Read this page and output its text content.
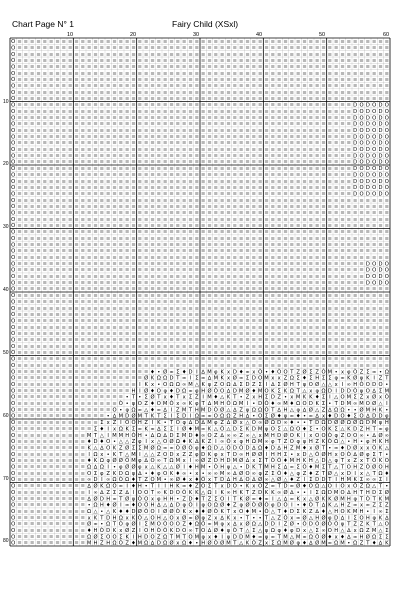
Chart Page N° 1	Fairy Child (XSxl)
10	20	30	40	50	60
10
20
30
40
50
60
70
80
O ≡ ≡ ≡ ≡ ≡ ≡ ≡ ≡ ≡ ≡ ≡ ≡ ≡ ≡ ≡ ≡ ≡ ≡ ≡ ≡ ≡ ≡ ≡ ≡ ≡ ≡ ≡ ≡ ≡ ≡ ≡ ≡ ≡ ≡ ≡ ≡ ≡ ≡ ≡ ≡ ≡ ≡ ≡ ≡ ≡ ≡ ≡ ≡ ≡ ≡ ≡ ≡ ≡ ≡ ≡ ≡ ≡ ≡ ≡
O ≡ ≡ ≡ ≡ ≡ ≡ ≡ ≡ ≡ ≡ ≡ ≡ ≡ ≡ ≡ ≡ ≡ ≡ ≡ ≡ ≡ ≡ ≡ ≡ ≡ ≡ ≡ ≡ ≡ ≡ ≡ ≡ ≡ ≡ ≡ ≡ ≡ ≡ ≡ ≡ ≡ ≡ ≡ ≡ ≡ ≡ ≡ ≡ ≡ ≡ ≡ ≡ ≡ ≡ ≡ ≡ ≡ ≡ ≡
O ≡ ≡ ≡ ≡ ≡ ≡ ≡ ≡ ≡ ≡ ≡ ≡ ≡ ≡ ≡ ≡ ≡ ≡ ≡ ≡ ≡ ≡ ≡ ≡ ≡ ≡ ≡ ≡ ≡ ≡ ≡ ≡ ≡ ≡ ≡ ≡ ≡ ≡ ≡ ≡ ≡ ≡ ≡ ≡ ≡ ≡ ≡ ≡ ≡ ≡ ≡ ≡ ≡ ≡ ≡ ≡ ≡ ≡ ≡
O ≡ ≡ ≡ ≡ ≡ ≡ ≡ ≡ ≡ ≡ ≡ ≡ ≡ ≡ ≡ ≡ ≡ ≡ ≡ ≡ ≡ ≡ ≡ ≡ ≡ ≡ ≡ ≡ ≡ ≡ ≡ ≡ ≡ ≡ ≡ ≡ ≡ ≡ ≡ ≡ ≡ ≡ ≡ ≡ ≡ ≡ ≡ ≡ ≡ ≡ ≡ ≡ ≡ ≡ ≡ ≡ ≡ ≡ ≡
O ≡ ≡ ≡ ≡ ≡ ≡ ≡ ≡ ≡ ≡ ≡ ≡ ≡ ≡ ≡ ≡ ≡ ≡ ≡ ≡ ≡ ≡ ≡ ≡ ≡ ≡ ≡ ≡ ≡ ≡ ≡ ≡ ≡ ≡ ≡ ≡ ≡ ≡ ≡ ≡ ≡ ≡ ≡ ≡ ≡ ≡ ≡ ≡ ≡ ≡ ≡ ≡ ≡ ≡ ≡ ≡ ≡ ≡ ≡
O ≡ ≡ ≡ ≡ ≡ ≡ ≡ ≡ ≡ ≡ ≡ ≡ ≡ ≡ ≡ ≡ ≡ ≡ ≡ ≡ ≡ ≡ ≡ ≡ ≡ ≡ ≡ ≡ ≡ ≡ ≡ ≡ ≡ ≡ ≡ ≡ ≡ ≡ ≡ ≡ ≡ ≡ ≡ ≡ ≡ ≡ ≡ ≡ ≡ ≡ ≡ ≡ ≡ ≡ ≡ ≡ ≡ ≡ ≡
O ≡ ≡ ≡ ≡ ≡ ≡ ≡ ≡ ≡ ≡ ≡ ≡ ≡ ≡ ≡ ≡ ≡ ≡ ≡ ≡ ≡ ≡ ≡ ≡ ≡ ≡ ≡ ≡ ≡ ≡ ≡ ≡ ≡ ≡ ≡ ≡ ≡ ≡ ≡ ≡ ≡ ≡ ≡ ≡ ≡ ≡ ≡ ≡ ≡ ≡ ≡ ≡ ≡ ≡ ≡ ≡ ≡ ≡ ≡
O ≡ ≡ ≡ ≡ ≡ ≡ ≡ ≡ ≡ ≡ ≡ ≡ ≡ ≡ ≡ ≡ ≡ ≡ ≡ ≡ ≡ ≡ ≡ ≡ ≡ ≡ ≡ ≡ ≡ ≡ ≡ ≡ ≡ ≡ ≡ ≡ ≡ ≡ ≡ ≡ ≡ ≡ ≡ ≡ ≡ ≡ ≡ ≡ ≡ ≡ ≡ ≡ ≡ ≡ ≡ ≡ ≡ ≡ ≡
O ≡ ≡ ≡ ≡ ≡ ≡ ≡ ≡ ≡ ≡ ≡ ≡ ≡ ≡ ≡ ≡ ≡ ≡ ≡ ≡ ≡ ≡ ≡ ≡ ≡ ≡ ≡ ≡ ≡ ≡ ≡ ≡ ≡ ≡ ≡ ≡ ≡ ≡ ≡ ≡ ≡ ≡ ≡ ≡ ≡ ≡ ≡ ≡ ≡ ≡ ≡ ≡ ≡ ≡ ≡ ≡ ≡ ≡ ≡
O ≡ ≡ ≡ ≡ ≡ ≡ ≡ ≡ ≡ ≡ ≡ ≡ ≡ ≡ ≡ ≡ ≡ ≡ ≡ ≡ ≡ ≡ ≡ ≡ ≡ ≡ ≡ ≡ ≡ ≡ ≡ ≡ ≡ ≡ ≡ ≡ ≡ ≡ ≡ ≡ ≡ ≡ ≡ ≡ ≡ ≡ ≡ ≡ ≡ ≡ ≡ ≡ ≡ ≡ ≡ ≡ ≡ ≡ ≡
O ≡ ≡ ≡ ≡ ≡ ≡ ≡ ≡ ≡ ≡ ≡ ≡ ≡ ≡ ≡ ≡ ≡ ≡ ≡ ≡ ≡ ≡ ≡ ≡ ≡ ≡ ≡ ≡ ≡ ≡ ≡ ≡ ≡ ≡ ≡ ≡ ≡ ≡ ≡ ≡ ≡ ≡ ≡ ≡ ≡ ≡ ≡ ≡ ≡ ≡ ≡ ≡ ≡ D O D O D O
O ≡ ≡ ≡ ≡ ≡ ≡ ≡ ≡ ≡ ≡ ≡ ≡ ≡ ≡ ≡ ≡ ≡ ≡ ≡ ≡ ≡ ≡ ≡ ≡ ≡ ≡ ≡ ≡ ≡ ≡ ≡ ≡ ≡ ≡ ≡ ≡ ≡ ≡ ≡ ≡ ≡ ≡ ≡ ≡ ≡ ≡ ≡ ≡ ≡ ≡ ≡ ≡ ≡ D O D O D O
O ≡ ≡ ≡ ≡ ≡ ≡ ≡ ≡ ≡ ≡ ≡ ≡ ≡ ≡ ≡ ≡ ≡ ≡ ≡ ≡ ≡ ≡ ≡ ≡ ≡ ≡ ≡ ≡ ≡ ≡ ≡ ≡ ≡ ≡ ≡ ≡ ≡ ≡ ≡ ≡ ≡ ≡ ≡ ≡ ≡ ≡ ≡ ≡ ≡ ≡ ≡ ≡ ≡ D O D O D O
O ≡ ≡ ≡ ≡ ≡ ≡ ≡ ≡ ≡ ≡ ≡ ≡ ≡ ≡ ≡ ≡ ≡ ≡ ≡ ≡ ≡ ≡ ≡ ≡ ≡ ≡ ≡ ≡ ≡ ≡ ≡ ≡ ≡ ≡ ≡ ≡ ≡ ≡ ≡ ≡ ≡ ≡ ≡ ≡ ≡ ≡ ≡ ≡ ≡ ≡ ≡ ≡ ≡ D O D O D O
O ≡ ≡ ≡ ≡ ≡ ≡ ≡ ≡ ≡ ≡ ≡ ≡ ≡ ≡ ≡ ≡ ≡ ≡ ≡ ≡ ≡ ≡ ≡ ≡ ≡ ≡ ≡ ≡ ≡ ≡ ≡ ≡ ≡ ≡ ≡ ≡ ≡ ≡ ≡ ≡ ≡ ≡ ≡ ≡ ≡ ≡ ≡ ≡ ≡ ≡ ≡ ≡ ≡ D O D O D O
O ≡ ≡ ≡ ≡ ≡ ≡ ≡ ≡ ≡ ≡ ≡ ≡ ≡ ≡ ≡ ≡ ≡ ≡ ≡ ≡ ≡ ≡ ≡ ≡ ≡ ≡ ≡ ≡ ≡ ≡ ≡ ≡ ≡ ≡ ≡ ≡ ≡ ≡ ≡ ≡ ≡ ≡ ≡ ≡ ≡ ≡ ≡ ≡ ≡ ≡ ≡ ≡ ≡ D O D O D O
O ≡ ≡ ≡ ≡ ≡ ≡ ≡ ≡ ≡ ≡ ≡ ≡ ≡ ≡ ≡ ≡ ≡ ≡ ≡ ≡ ≡ ≡ ≡ ≡ ≡ ≡ ≡ ≡ ≡ ≡ ≡ ≡ ≡ ≡ ≡ ≡ ≡ ≡ ≡ ≡ ≡ ≡ ≡ ≡ ≡ ≡ ≡ ≡ ≡ ≡ ≡ ≡ ≡ D O D O D O
O ≡ ≡ ≡ ≡ ≡ ≡ ≡ ≡ ≡ ≡ ≡ ≡ ≡ ≡ ≡ ≡ ≡ ≡ ≡ ≡ ≡ ≡ ≡ ≡ ≡ ≡ ≡ ≡ ≡ ≡ ≡ ≡ ≡ ≡ ≡ ≡ ≡ ≡ ≡ ≡ ≡ ≡ ≡ ≡ ≡ ≡ ≡ ≡ ≡ ≡ ≡ ≡ ≡ D O D O D O
O ≡ ≡ ≡ ≡ ≡ ≡ ≡ ≡ ≡ ≡ ≡ ≡ ≡ ≡ ≡ ≡ ≡ ≡ ≡ ≡ ≡ ≡ ≡ ≡ ≡ ≡ ≡ ≡ ≡ ≡ ≡ ≡ ≡ ≡ ≡ ≡ ≡ ≡ ≡ ≡ ≡ ≡ ≡ ≡ ≡ ≡ ≡ ≡ ≡ ≡ ≡ ≡ ≡ D O D O D O
O ≡ ≡ ≡ ≡ ≡ ≡ ≡ ≡ ≡ ≡ ≡ ≡ ≡ ≡ ≡ ≡ ≡ ≡ ≡ ≡ ≡ ≡ ≡ ≡ ≡ ≡ ≡ ≡ ≡ ≡ ≡ ≡ ≡ ≡ ≡ ≡ ≡ ≡ ≡ ≡ ≡ ≡ ≡ ≡ ≡ ≡ ≡ ≡ ≡ ≡ ≡ ≡ ≡ D O D O D O
O ≡ ≡ ≡ ≡ ≡ ≡ ≡ ≡ ≡ ≡ ≡ ≡ ≡ ≡ ≡ ≡ ≡ ≡ ≡ ≡ ≡ ≡ ≡ ≡ ≡ ≡ ≡ ≡ ≡ ≡ ≡ ≡ ≡ ≡ ≡ ≡ ≡ ≡ ≡ ≡ ≡ ≡ ≡ ≡ ≡ ≡ ≡ ≡ ≡ ≡ ≡ ≡ ≡ D O D O D O
O ≡ ≡ ≡ ≡ ≡ ≡ ≡ ≡ ≡ ≡ ≡ ≡ ≡ ≡ ≡ ≡ ≡ ≡ ≡ ≡ ≡ ≡ ≡ ≡ ≡ ≡ ≡ ≡ ≡ ≡ ≡ ≡ ≡ ≡ ≡ ≡ ≡ ≡ ≡ ≡ ≡ ≡ ≡ ≡ ≡ ≡ ≡ ≡ ≡ ≡ ≡ ≡ ≡ D O D O D O
O ≡ ≡ ≡ ≡ ≡ ≡ ≡ ≡ ≡ ≡ ≡ ≡ ≡ ≡ ≡ ≡ ≡ ≡ ≡ ≡ ≡ ≡ ≡ ≡ ≡ ≡ ≡ ≡ ≡ ≡ ≡ ≡ ≡ ≡ ≡ ≡ ≡ ≡ ≡ ≡ ≡ ≡ ≡ ≡ ≡ ≡ ≡ ≡ ≡ ≡ ≡ ≡ ≡ D O D O D O
O ≡ ≡ ≡ ≡ ≡ ≡ ≡ ≡ ≡ ≡ ≡ ≡ ≡ ≡ ≡ ≡ ≡ ≡ ≡ ≡ ≡ ≡ ≡ ≡ ≡ ≡ ≡ ≡ ≡ ≡ ≡ ≡ ≡ ≡ ≡ ≡ ≡ ≡ ≡ ≡ ≡ ≡ ≡ ≡ ≡ ≡ ≡ ≡ ≡ ≡ ≡ ≡ ≡ D O D O D O
O ≡ ≡ ≡ ≡ ≡ ≡ ≡ ≡ ≡ ≡ ≡ ≡ ≡ ≡ ≡ ≡ ≡ ≡ ≡ ≡ ≡ ≡ ≡ ≡ ≡ ≡ ≡ ≡ ≡ ≡ ≡ ≡ ≡ ≡ ≡ ≡ ≡ ≡ ≡ ≡ ≡ ≡ ≡ ≡ ≡ ≡ ≡ ≡ ≡ ≡ ≡ ≡ ≡ D O D O D O
O ≡ ≡ ≡ ≡ ≡ ≡ ≡ ≡ ≡ ≡ ≡ ≡ ≡ ≡ ≡ ≡ ≡ ≡ ≡ ≡ ≡ ≡ ≡ ≡ ≡ ≡ ≡ ≡ ≡ ≡ ≡ ≡ ≡ ≡ ≡ ≡ ≡ ≡ ≡ ≡ ≡ ≡ ≡ ≡ ≡ ≡ ≡ ≡ ≡ ≡ ≡ ≡ ≡ ≡ ≡ ≡ ≡ ≡ ≡
O ≡ ≡ ≡ ≡ ≡ ≡ ≡ ≡ ≡ ≡ ≡ ≡ ≡ ≡ ≡ ≡ ≡ ≡ ≡ ≡ ≡ ≡ ≡ ≡ ≡ ≡ ≡ ≡ ≡ ≡ ≡ ≡ ≡ ≡ ≡ ≡ ≡ ≡ ≡ ≡ ≡ ≡ ≡ ≡ ≡ ≡ ≡ ≡ ≡ ≡ ≡ ≡ ≡ ≡ ≡ ≡ ≡ ≡ ≡
O ≡ ≡ ≡ ≡ ≡ ≡ ≡ ≡ ≡ ≡ ≡ ≡ ≡ ≡ ≡ ≡ ≡ ≡ ≡ ≡ ≡ ≡ ≡ ≡ ≡ ≡ ≡ ≡ ≡ ≡ ≡ ≡ ≡ ≡ ≡ ≡ ≡ ≡ ≡ ≡ ≡ ≡ ≡ ≡ ≡ ≡ ≡ ≡ ≡ ≡ ≡ ≡ ≡ ≡ ≡ ≡ ≡ ≡ ≡
O ≡ ≡ ≡ ≡ ≡ ≡ ≡ ≡ ≡ ≡ ≡ ≡ ≡ ≡ ≡ ≡ ≡ ≡ ≡ ≡ ≡ ≡ ≡ ≡ ≡ ≡ ≡ ≡ ≡ ≡ ≡ ≡ ≡ ≡ ≡ ≡ ≡ ≡ ≡ ≡ ≡ ≡ ≡ ≡ ≡ ≡ ≡ ≡ ≡ ≡ ≡ ≡ ≡ ≡ ≡ ≡ ≡ ≡ ≡
O ≡ ≡ ≡ ≡ ≡ ≡ ≡ ≡ ≡ ≡ ≡ ≡ ≡ ≡ ≡ ≡ ≡ ≡ ≡ ≡ ≡ ≡ ≡ ≡ ≡ ≡ ≡ ≡ ≡ ≡ ≡ ≡ ≡ ≡ ≡ ≡ ≡ ≡ ≡ ≡ ≡ ≡ ≡ ≡ ≡ ≡ ≡ ≡ ≡ ≡ ≡ ≡ ≡ ≡ ≡ ≡ ≡ ≡ ≡
O ≡ ≡ ≡ ≡ ≡ ≡ ≡ ≡ ≡ ≡ ≡ ≡ ≡ ≡ ≡ ≡ ≡ ≡ ≡ ≡ ≡ ≡ ≡ ≡ ≡ ≡ ≡ ≡ ≡ ≡ ≡ ≡ ≡ ≡ ≡ ≡ ≡ ≡ ≡ ≡ ≡ ≡ ≡ ≡ ≡ ≡ ≡ ≡ ≡ ≡ ≡ ≡ ≡ ≡ ≡ ≡ ≡ ≡ ≡
O ≡ ≡ ≡ ≡ ≡ ≡ ≡ ≡ ≡ ≡ ≡ ≡ ≡ ≡ ≡ ≡ ≡ ≡ ≡ ≡ ≡ ≡ ≡ ≡ ≡ ≡ ≡ ≡ ≡ ≡ ≡ ≡ ≡ ≡ ≡ ≡ ≡ ≡ ≡ ≡ ≡ ≡ ≡ ≡ ≡ ≡ ≡ ≡ ≡ ≡ ≡ ≡ ≡ ≡ ≡ ≡ ≡ ≡ ≡
O ≡ ≡ ≡ ≡ ≡ ≡ ≡ ≡ ≡ ≡ ≡ ≡ ≡ ≡ ≡ ≡ ≡ ≡ ≡ ≡ ≡ ≡ ≡ ≡ ≡ ≡ ≡ ≡ ≡ ≡ ≡ ≡ ≡ ≡ ≡ ≡ ≡ ≡ ≡ ≡ ≡ ≡ ≡ ≡ ≡ ≡ ≡ ≡ ≡ ≡ ≡ ≡ ≡ ≡ ≡ ≡ ≡ ≡ ≡
O ≡ ≡ ≡ ≡ ≡ ≡ ≡ ≡ ≡ ≡ ≡ ≡ ≡ ≡ ≡ ≡ ≡ ≡ ≡ ≡ ≡ ≡ ≡ ≡ ≡ ≡ ≡ ≡ ≡ ≡ ≡ ≡ ≡ ≡ ≡ ≡ ≡ ≡ ≡ ≡ ≡ ≡ ≡ ≡ ≡ ≡ ≡ ≡ ≡ ≡ ≡ ≡ ≡ ≡ ≡ ≡ ≡ ≡ ≡
O ≡ ≡ ≡ ≡ ≡ ≡ ≡ ≡ ≡ ≡ ≡ ≡ ≡ ≡ ≡ ≡ ≡ ≡ ≡ ≡ ≡ ≡ ≡ ≡ ≡ ≡ ≡ ≡ ≡ ≡ ≡ ≡ ≡ ≡ ≡ ≡ ≡ ≡ ≡ ≡ ≡ ≡ ≡ ≡ ≡ ≡ ≡ ≡ ≡ ≡ ≡ ≡ ≡ ≡ ≡ ≡ ≡ ≡ ≡
O ≡ ≡ ≡ ≡ ≡ ≡ ≡ ≡ ≡ ≡ ≡ ≡ ≡ ≡ ≡ ≡ ≡ ≡ ≡ ≡ ≡ ≡ ≡ ≡ ≡ ≡ ≡ ≡ ≡ ≡ ≡ ≡ ≡ ≡ ≡ ≡ ≡ ≡ ≡ ≡ ≡ ≡ ≡ ≡ ≡ ≡ ≡ ≡ ≡ ≡ ≡ ≡ ≡ ≡ ≡ D O D O
O ≡ ≡ ≡ ≡ ≡ ≡ ≡ ≡ ≡ ≡ ≡ ≡ ≡ ≡ ≡ ≡ ≡ ≡ ≡ ≡ ≡ ≡ ≡ ≡ ≡ ≡ ≡ ≡ ≡ ≡ ≡ ≡ ≡ ≡ ≡ ≡ ≡ ≡ ≡ ≡ ≡ ≡ ≡ ≡ ≡ ≡ ≡ ≡ ≡ ≡ ≡ ≡ ≡ ≡ ≡ D O D O
O ≡ ≡ ≡ ≡ ≡ ≡ ≡ ≡ ≡ ≡ ≡ ≡ ≡ ≡ ≡ ≡ ≡ ≡ ≡ ≡ ≡ ≡ ≡ ≡ ≡ ≡ ≡ ≡ ≡ ≡ ≡ ≡ ≡ ≡ ≡ ≡ ≡ ≡ ≡ ≡ ≡ ≡ ≡ ≡ ≡ ≡ ≡ ≡ ≡ ≡ ≡ ≡ ≡ ≡ ≡ D O D O
O ≡ ≡ ≡ ≡ ≡ ≡ ≡ ≡ ≡ ≡ ≡ ≡ ≡ ≡ ≡ ≡ ≡ ≡ ≡ ≡ ≡ ≡ ≡ ≡ ≡ ≡ ≡ ≡ ≡ ≡ ≡ ≡ ≡ ≡ ≡ ≡ ≡ ≡ ≡ ≡ ≡ ≡ ≡ ≡ ≡ ≡ ≡ ≡ ≡ ≡ ≡ ≡ ≡ ≡ ≡ D O D O
O ≡ ≡ ≡ ≡ ≡ ≡ ≡ ≡ ≡ ≡ ≡ ≡ ≡ ≡ ≡ ≡ ≡ ≡ ≡ ≡ ≡ ≡ ≡ ≡ ≡ ≡ ≡ ≡ ≡ ≡ ≡ ≡ ≡ ≡ ≡ ≡ ≡ ≡ ≡ ≡ ≡ ≡ ≡ ≡ ≡ ≡ ≡ ≡ ≡ ≡ ≡ ≡ ≡ ≡ ≡ ≡ ≡ ≡ ≡
O ≡ ≡ ≡ ≡ ≡ ≡ ≡ ≡ ≡ ≡ ≡ ≡ ≡ ≡ ≡ ≡ ≡ ≡ ≡ ≡ ≡ ≡ ≡ ≡ ≡ ≡ ≡ ≡ ≡ ≡ ≡ ≡ ≡ ≡ ≡ ≡ ≡ ≡ ≡ ≡ ≡ ≡ ≡ ≡ ≡ ≡ ≡ ≡ ≡ ≡ ≡ ≡ ≡ ≡ ≡ ≡ ≡ ≡ ≡
O ≡ ≡ ≡ ≡ ≡ ≡ ≡ ≡ ≡ ≡ ≡ ≡ ≡ ≡ ≡ ≡ ≡ ≡ ≡ ≡ ≡ ≡ ≡ ≡ ≡ ≡ ≡ ≡ ≡ ≡ ≡ ≡ ≡ ≡ ≡ ≡ ≡ ≡ ≡ ≡ ≡ ≡ ≡ ≡ ≡ ≡ ≡ ≡ ≡ ≡ ≡ ≡ ≡ ≡ ≡ ≡ ≡ ≡ ≡
O ≡ ≡ ≡ ≡ ≡ ≡ ≡ ≡ ≡ ≡ ≡ ≡ ≡ ≡ ≡ ≡ ≡ ≡ ≡ ≡ ≡ ≡ ≡ ≡ ≡ ≡ ≡ ≡ ≡ ≡ ≡ ≡ ≡ ≡ ≡ ≡ ≡ ≡ ≡ ≡ ≡ ≡ ≡ ≡ ≡ ≡ ≡ ≡ ≡ ≡ ≡ ≡ ≡ ≡ ≡ ≡ ≡ ≡ ≡
O ≡ ≡ ≡ ≡ ≡ ≡ ≡ ≡ ≡ ≡ ≡ ≡ ≡ ≡ ≡ ≡ ≡ ≡ ≡ ≡ ≡ ≡ ≡ ≡ ≡ ≡ ≡ ≡ ≡ ≡ ≡ ≡ ≡ ≡ ≡ ≡ ≡ ≡ ≡ ≡ ≡ ≡ ≡ ≡ ≡ ≡ ≡ ≡ ≡ ≡ ≡ ≡ ≡ ≡ ≡ ≡ ≡ ≡ ≡
O ≡ ≡ ≡ ≡ ≡ ≡ ≡ ≡ ≡ ≡ ≡ ≡ ≡ ≡ ≡ ≡ ≡ ≡ ≡ ≡ ≡ ≡ ≡ ≡ ≡ ≡ ≡ ≡ ≡ ≡ ≡ ≡ ≡ ≡ ≡ ≡ ≡ ≡ ≡ ≡ ≡ ≡ ≡ ≡ ≡ ≡ ≡ ≡ ≡ ≡ ≡ ≡ ≡ ≡ ≡ ≡ ≡ ≡ ≡
O ≡ ≡ ≡ ≡ ≡ ≡ ≡ ≡ ≡ ≡ ≡ ≡ ≡ ≡ ≡ ≡ ≡ ≡ ≡ ≡ ≡ ≡ ≡ ≡ ≡ ≡ ≡ ≡ ≡ ≡ ≡ ≡ ≡ ≡ ≡ ≡ ≡ ≡ ≡ ≡ ≡ ≡ ≡ ≡ ≡ ≡ ≡ ≡ ≡ ≡ ≡ ≡ ≡ ≡ ≡ ≡ ≡ ≡ ≡
O ≡ ≡ ≡ ≡ ≡ ≡ ≡ ≡ ≡ ≡ ≡ ≡ ≡ ≡ ≡ ≡ ≡ ≡ ≡ ≡ ≡ ≡ ≡ ≡ ≡ ≡ ≡ ≡ ≡ ≡ ≡ ≡ ≡ ≡ ≡ ≡ ≡ ≡ ≡ ≡ ≡ ≡ ≡ ≡ ≡ ≡ ≡ ≡ ≡ ≡ ≡ ≡ ≡ ≡ ≡ ≡ ≡ ≡ ≡
O ≡ ≡ ≡ ≡ ≡ ≡ ≡ ≡ ≡ ≡ ≡ ≡ ≡ ≡ ≡ ≡ ≡ ≡ ≡ ≡ ≡ ≡ ≡ ≡ ≡ ≡ ≡ ≡ ≡ ≡ ≡ ≡ ≡ ≡ ≡ ≡ ≡ ≡ ≡ ≡ ≡ ≡ ≡ ≡ ≡ ≡ ≡ ≡ ≡ ≡ ≡ ≡ ≡ ≡ ≡ ≡ ≡ ≡ ≡
O ≡ ≡ ≡ ≡ ≡ ≡ ≡ ≡ ≡ ≡ ≡ ≡ ≡ ≡ ≡ ≡ ≡ ≡ ≡ ≡ ≡ ≡ ≡ ≡ ≡ ≡ ≡ ≡ ≡ ≡ ≡ ≡ ≡ ≡ ≡ ≡ ≡ ≡ ≡ ≡ ≡ ≡ ≡ ≡ ≡ ≡ ≡ ≡ ≡ ≡ ≡ ≡ ≡ ≡ ≡ ≡ ≡ ≡ ≡
O ≡ ≡ ≡ ≡ ≡ ≡ ≡ ≡ ≡ ≡ ≡ ≡ ≡ ≡ ≡ ≡ ≡ ≡ ≡ ≡ ≡ ≡ ≡ ≡ ≡ ≡ ≡ ≡ ≡ ≡ ≡ ≡ ≡ ≡ ≡ ≡ ≡ ≡ ≡ ≡ ≡ ≡ ≡ ≡ ≡ ≡ ≡ ≡ ≡ ≡ ≡ ≡ ≡ ≡ ≡ ≡ ≡ ≡ ≡
O ≡ ≡ ≡ ≡ ≡ ≡ ≡ ≡ ≡ ≡ ≡ ≡ ≡ ≡ ≡ ≡ ≡ ≡ ≡ ≡ ≡ ≡ ≡ ≡ ≡ ≡ ≡ ≡ ≡ ≡ ≡ ≡ ≡ ≡ ≡ ≡ ≡ ≡ ≡ ≡ ≡ ≡ ≡ ≡ ≡ ≡ ≡ ≡ ≡ ≡ ≡ ≡ ≡ ≡ ≡ ≡ ≡ ≡ ≡
O ≡ ≡ ≡ ≡ ≡ ≡ ≡ ≡ ≡ ≡ ≡ ≡ ≡ ≡ ≡ ≡ ≡ ≡ ≡ ≡ ≡ ≡ ≡ ≡ ≡ ≡ ≡ ≡ ≡ ≡ ≡ ≡ ≡ ≡ ≡ ≡ ≡ ≡ ≡ ≡ ≡ ≡ ≡ ≡ ≡ ≡ ≡ ≡ ≡ ≡ ≡ ≡ ≡ ≡ ≡ ≡ ≡ ≡ ≡
O ≡ ≡ ≡ ≡ ≡ ≡ ≡ ≡ ≡ ≡ ≡ ≡ ≡ ≡ ≡ ≡ ≡ ≡ ≡ ≡ ≡ ♦ • Ø ∞ Σ ♦ D I ∆ M φ K x D ♦ ∞ x Ò • ♦ Ò O T Z Ø Σ Z Ò M • x φ Ò Z Σ ∞ • Ω
O ≡ ≡ ≡ ≡ ≡ ≡ ≡ ≡ ≡ ≡ ≡ ≡ ≡ ≡ ≡ ≡ ≡ ≡ ≡ ≡ Ø K Ω Ω D T ∞ I Σ ∞ ∆ M K x Ø ∞ Σ D O M x x Z Ω Σ ♦ Σ H Σ Σ φ ∞ K Ø φ K I Z T
O ≡ ≡ ≡ ≡ ≡ ≡ ≡ ≡ ≡ ≡ ≡ ≡ ≡ ≡ ≡ ≡ ≡ ≡ ≡ I K x • O Ω Ω ∞ M △ K φ Z O Ω ∆ Σ D Z Σ I ∆ Σ Ø H T φ O Ø △ △ x I ∞ H Ò O D O •
O ≡ ≡ ≡ ≡ ≡ ≡ ≡ ≡ ≡ ≡ ≡ ≡ ≡ ≡ ≡ ≡ ≡ ≡ H I Ø ♦ O φ ♦ D Ω ∞ φ H Ø Ò O ∆ D M Ø ♦ M O K Σ K Ω T △ x φ Ω D I D D Ò φ O ∆ Σ M
O ≡ ≡ ≡ ≡ ≡ ≡ ≡ ≡ ≡ ≡ ≡ ≡ ≡ ≡ ≡ ≡ ≡ • T • Σ Ø T x ♦ T x Σ Z I M ♦ △ K T • Z x H Σ D Z • x M K K ♦ Σ I △ O M Σ Z x Ø x Ò
O ≡ ≡ ≡ ≡ ≡ ≡ ≡ ≡ ≡ ≡ ≡ ≡ ≡ ≡ ≡ ≡ Ò • φ O Z ♦ O M Ò x ∞ K φ T ∆ M H Ò Ω M I • D Ò ♦ ∞ M ♦ Ω O D K Σ • T D M ∞ M O Ø △ I
O ≡ ≡ ≡ ≡ ≡ ≡ ≡ ≡ ≡ ≡ ≡ ≡ ≡ ≡ ≡ O • φ Ω ∞ △ ♦ ∞ ∆ I Z M T H M D Ò Ø △ ∆ Z φ Ω Ω Ò T ∆ H △ φ ∆ Ø △ Z ∆ Ω Ω • • Ø M H K •
O ≡ ≡ ≡ ≡ ≡ ≡ ≡ ≡ ≡ ≡ ≡ ≡ ≡ ≡ • ∆ M D Ø M T K T Σ I Σ D I Ω ∞ ∞ O Ω Ω Z H ∆ • O Σ Ø ♦ φ ∞ ♦ • ∞ ∆ x ♦ D O ♦ Σ O ∆ D D φ
O ≡ ≡ ≡ ≡ ≡ ≡ ≡ ≡ ≡ ≡ ≡ ≡ ≡ Σ x Z I Ò O H Z I K • T O φ ∆ D ∆ M φ Z ∆ Ø x △ O ∞ Ø Ω D ∞ ♦ • • T D Ω D Ø Ø Ω Ø Ω D M φ H
O ≡ ≡ ≡ ≡ ≡ ≡ ≡ ≡ ≡ ≡ ≡ ≡ Σ ♦ I x Ω K Σ ∞ K ∞ ∆ Σ Σ I Ø ♦ M ∞ K △ Ò △ D Σ K D M φ O Σ △ Ω O ♦ Σ • O K Σ △ K D Z H T ∞ φ
O ≡ ≡ ≡ ≡ ≡ ≡ ≡ ≡ ≡ ≡ ≡ M T △ I M M H Ò H • ∆ Ω ∆ D Σ M D ♦ ∞ O Z ∆ ∞ ∞ Z ∞ △ x M H D Ø O K I x O O Ò φ Z O O ∞ • ∆ Ø ∞
O ≡ ≡ ≡ ≡ ≡ ≡ ≡ ≡ ≡ ≡ ≡ ♦ D ♦ O • △ △ Z φ I x △ O Ø Ω ♦ K ∆ K Z I ∞ Ò x φ H Ω M ∞ φ T Z O φ φ H Z K Ò Ω △ • H • φ H K H
O ≡ ≡ ≡ ≡ ≡ ≡ ≡ ≡ ≡ ≡ ≡ K △ ∆ O K Z Ø Σ Σ M Ø Ω ∞ ∞ Ò Ø Ò φ ♦ Ω D △ Ò D Ò D ∆ Ω ♦ D ∆ H Z M ♦ x Ø T • ∞ ♦ D Ø x x Ò K △
O ≡ ≡ ≡ ≡ ≡ ≡ ≡ ≡ ≡ ≡ ≡ I Ω x • K T △ M I △ △ Z O D x Z Z φ D K φ x T D ∞ H Ø Ø I H H Σ • x D △ Ò Ø H x O Ò ∆ Ø φ Σ T •
O ≡ ≡ ≡ ≡ ≡ ≡ ≡ ≡ ≡ ≡ ≡ ♦ K Ω φ Ø Ø Ò M φ ∆ O ∞ T Ω M x I ∞ Ø Z D H D M Ø ∆ x Σ T Ò Ò ♦ M H K H △ D △ φ T x Z x T Ò K O
O ≡ ≡ ≡ ≡ ≡ ≡ ≡ ≡ ≡ ≡ ≡ Ω ∆ Ω I • φ Ø Ø φ x △ K △ △ Ø I ♦ H M • Ò H φ △ • D K T M H Σ ∆ ∞ Σ Ò ♦ M Σ T △ T O H Z Ò Ø O H
O ≡ ≡ ≡ ≡ ≡ ≡ ≡ ≡ ≡ ≡ ≡ O Σ φ Z K D Ω φ ∆ • ♦ φ O K ♦ ∞ • x • ∞ ∞ M ∞ ∆ Ø O ∞ φ Z Σ Ò ♦ △ φ Z ♦ Z T Ø △ x D I x △ T Ω ♦
O ≡ ≡ ≡ ≡ ≡ ≡ ≡ ≡ ≡ ≡ ≡ ∞ D I ∞ Ω Ò Ω ♦ T Z O M • ∞ Ø ♦ x ♦ Ò x T D ∆ H ∆ O ∆ Ø ∞ △ Ø △ ♦ Z I Σ D D T I H M K Σ ∞ ∞ Σ I
O ≡ ≡ ≡ ≡ ≡ ≡ ≡ ≡ ≡ ≡ ≡ ∆ Ø K Ω O ∞ I ♦ H • T I I H K ∞ ♦ Z O Σ T x D O • K x Ò Z ∞ T D ∞ Ø ♦ O Ω △ O I O x Ò Z Ω △ T •
O ≡ ≡ ≡ ≡ ≡ ≡ ≡ ≡ ≡ ≡ ≡ I ∞ ∆ Z Σ Z ∆ I O O T ∞ K D O Ò K K △ Ω I K ∞ H K T Z D K K ∞ Ø ∆ • • I Σ Ω D M O ∆ H T H D Σ Ø
O ≡ ≡ ≡ ≡ ≡ ≡ ≡ ≡ ≡ ≡ ≡ ∆ Ø D H ∞ T Ø φ Ò O x φ H H • Z D ♦ T Z Σ O I T K Ø ∞ ♦ ∞ I △ ∆ ∞ K x △ Ø K K Ø M H φ T Ò T K M
O ≡ ≡ ≡ ≡ ≡ ≡ ≡ ≡ ≡ ≡ ≡ • Ω H ♦ Ø I ∞ ♦ O Ò H ∆ △ ∆ D φ Ò I φ O Ω Ø ♦ Z φ Ø Ò Ø Ò φ D Ò I • ♦ Ò T ∆ K △ H Z ∞ x ∞ Z Σ Z
O ≡ ≡ ≡ ≡ ≡ ≡ ≡ ≡ ≡ ≡ ≡ Ω △ • △ K ♦ ♦ D Ø Ò O I Ø Ø Ò K x ♦ ♦ Ø Ò K T x O ♦ M • Ò △ T ♦ D Σ K Z ∆ ♦ △ H O K M H • I ∞ Σ
O ≡ ≡ ≡ ≡ ≡ ≡ ≡ ≡ ≡ ≡ ≡ x K T D H Ω x K Ò △ O H △ O x Ø ∞ Ø φ Z x ∆ K x • T • • T △ Z Ò x ∞ Ø △ H Ø φ D ∆ I Σ O H φ K ∆
O ≡ ≡ ≡ ≡ ≡ ≡ ≡ ≡ ≡ ≡ ≡ Ø ∞ • Ω T Ò φ Ø I Σ M O Ò O O Z ♦ Ω Ò ∞ M φ x ∆ x Ø Ω △ D D I Z Ø • Ò D Ò Ø Ò Ò φ T Z Z K T △ O
O ≡ ≡ ≡ ≡ ≡ ≡ ≡ ≡ ≡ ≡ ≡ ♦ H Ò D K x Ø Z I O H Ò Ò K D O ∞ T O ∆ Ø ♦ φ Ò T △ Σ △ φ Ω φ ♦ φ D x △ Σ ∞ O H △ ∆ x Ω Z M △ Σ
O ≡ ≡ ≡ ≡ ≡ ≡ ≡ ≡ ≡ ≡ ≡ Ω Ø Σ O O Σ K I H D O Z Ω T M T O M φ x ♦ I φ D D M ♦ ∞ φ ∞ T M △ M ∞ Ω Ò Ø ♦ x ♦ ∆ ∞ H Ø Ω Σ Σ
O ≡ ≡ ≡ ≡ ≡ ≡ ≡ ≡ ≡ ≡ ≡ M H Z H Ω Ò Z ♦ M Ω ∆ D Ω Ø x Ω ♦ • H Ø Ò Ø M T △ K Ò Z x Σ Ω M Ø φ ♦ ∆ Ø M ∞ Ω M • Ω Z T ♦ ∆ K
